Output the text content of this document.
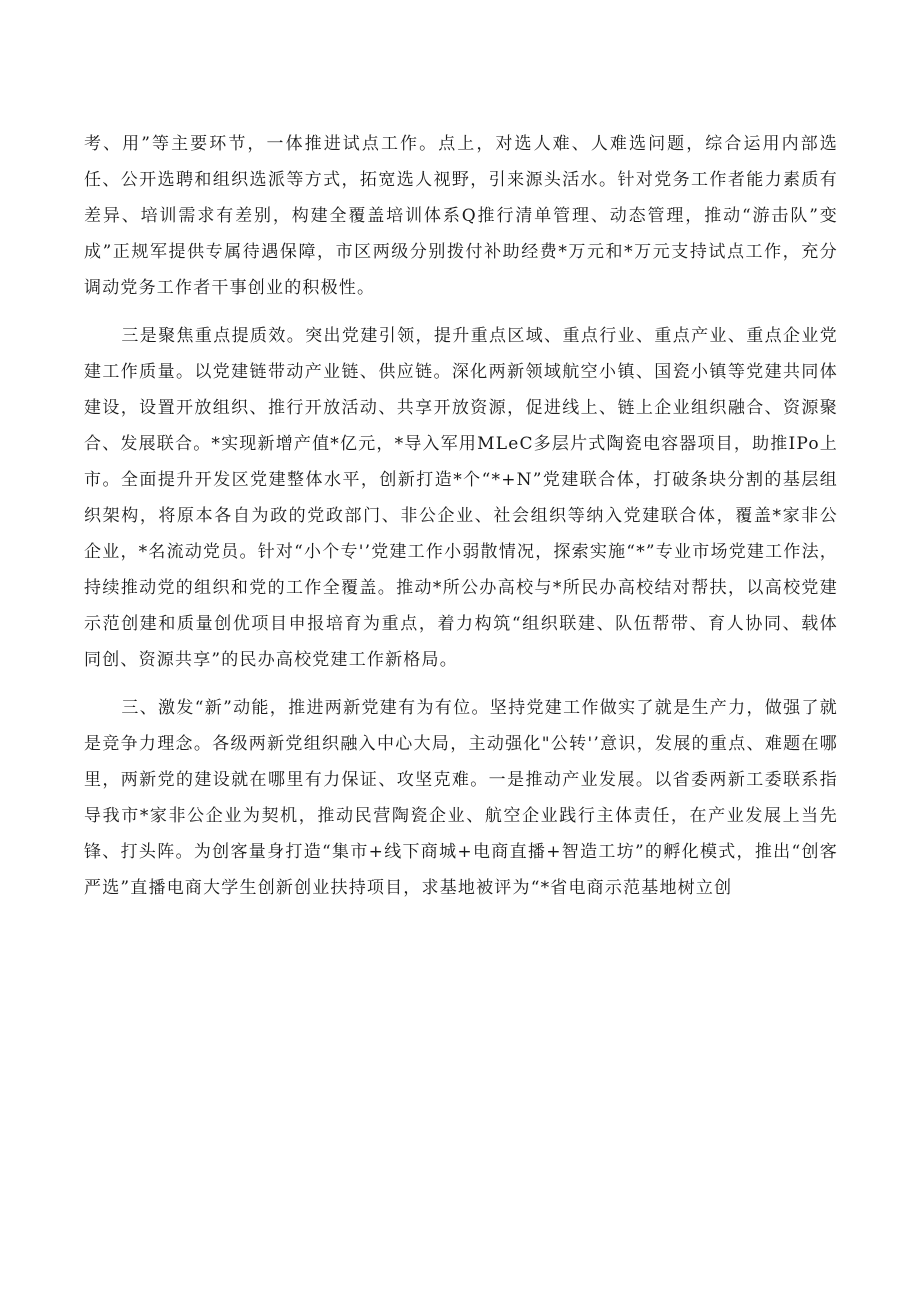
考、用”等主要环节，一体推进试点工作。点上，对选人难、人难选问题，综合运用内部选任、公开选聘和组织选派等方式，拓宽选人视野，引来源头活水。针对党务工作者能力素质有差异、培训需求有差别，构建全覆盖培训体系Q推行清单管理、动态管理，推动“游击队”变成”正规军提供专属待遇保障，市区两级分别拨付补助经费*万元和*万元支持试点工作，充分调动党务工作者干事创业的积极性。

三是聚焦重点提质效。突出党建引领，提升重点区域、重点行业、重点产业、重点企业党建工作质量。以党建链带动产业链、供应链。深化两新领域航空小镇、国瓷小镇等党建共同体建设，设置开放组织、推行开放活动、共享开放资源，促进线上、链上企业组织融合、资源聚合、发展联合。*实现新增产值*亿元，*导入军用MLeC多层片式陶瓷电容器项目，助推IPo上市。全面提升开发区党建整体水平，创新打造*个“*+N”党建联合体，打破条块分割的基层组织架构，将原本各自为政的党政部门、非公企业、社会组织等纳入党建联合体，覆盖*家非公企业，*名流动党员。针对“小个专'’党建工作小弱散情况，探索实施“*”专业市场党建工作法，持续推动党的组织和党的工作全覆盖。推动*所公办高校与*所民办高校结对帮扶，以高校党建示范创建和质量创优项目申报培育为重点，着力构筑“组织联建、队伍帮带、育人协同、载体同创、资源共享”的民办高校党建工作新格局。

三、激发“新”动能，推进两新党建有为有位。坚持党建工作做实了就是生产力，做强了就是竞争力理念。各级两新党组织融入中心大局，主动强化"公转'’意识，发展的重点、难题在哪里，两新党的建设就在哪里有力保证、攻坚克难。一是推动产业发展。以省委两新工委联系指导我市*家非公企业为契机，推动民营陶瓷企业、航空企业践行主体责任，在产业发展上当先锋、打头阵。为创客量身打造“集市+线下商城+电商直播+智造工坊”的孵化模式，推出“创客严选”直播电商大学生创新创业扶持项目，求基地被评为“*省电商示范基地树立创
